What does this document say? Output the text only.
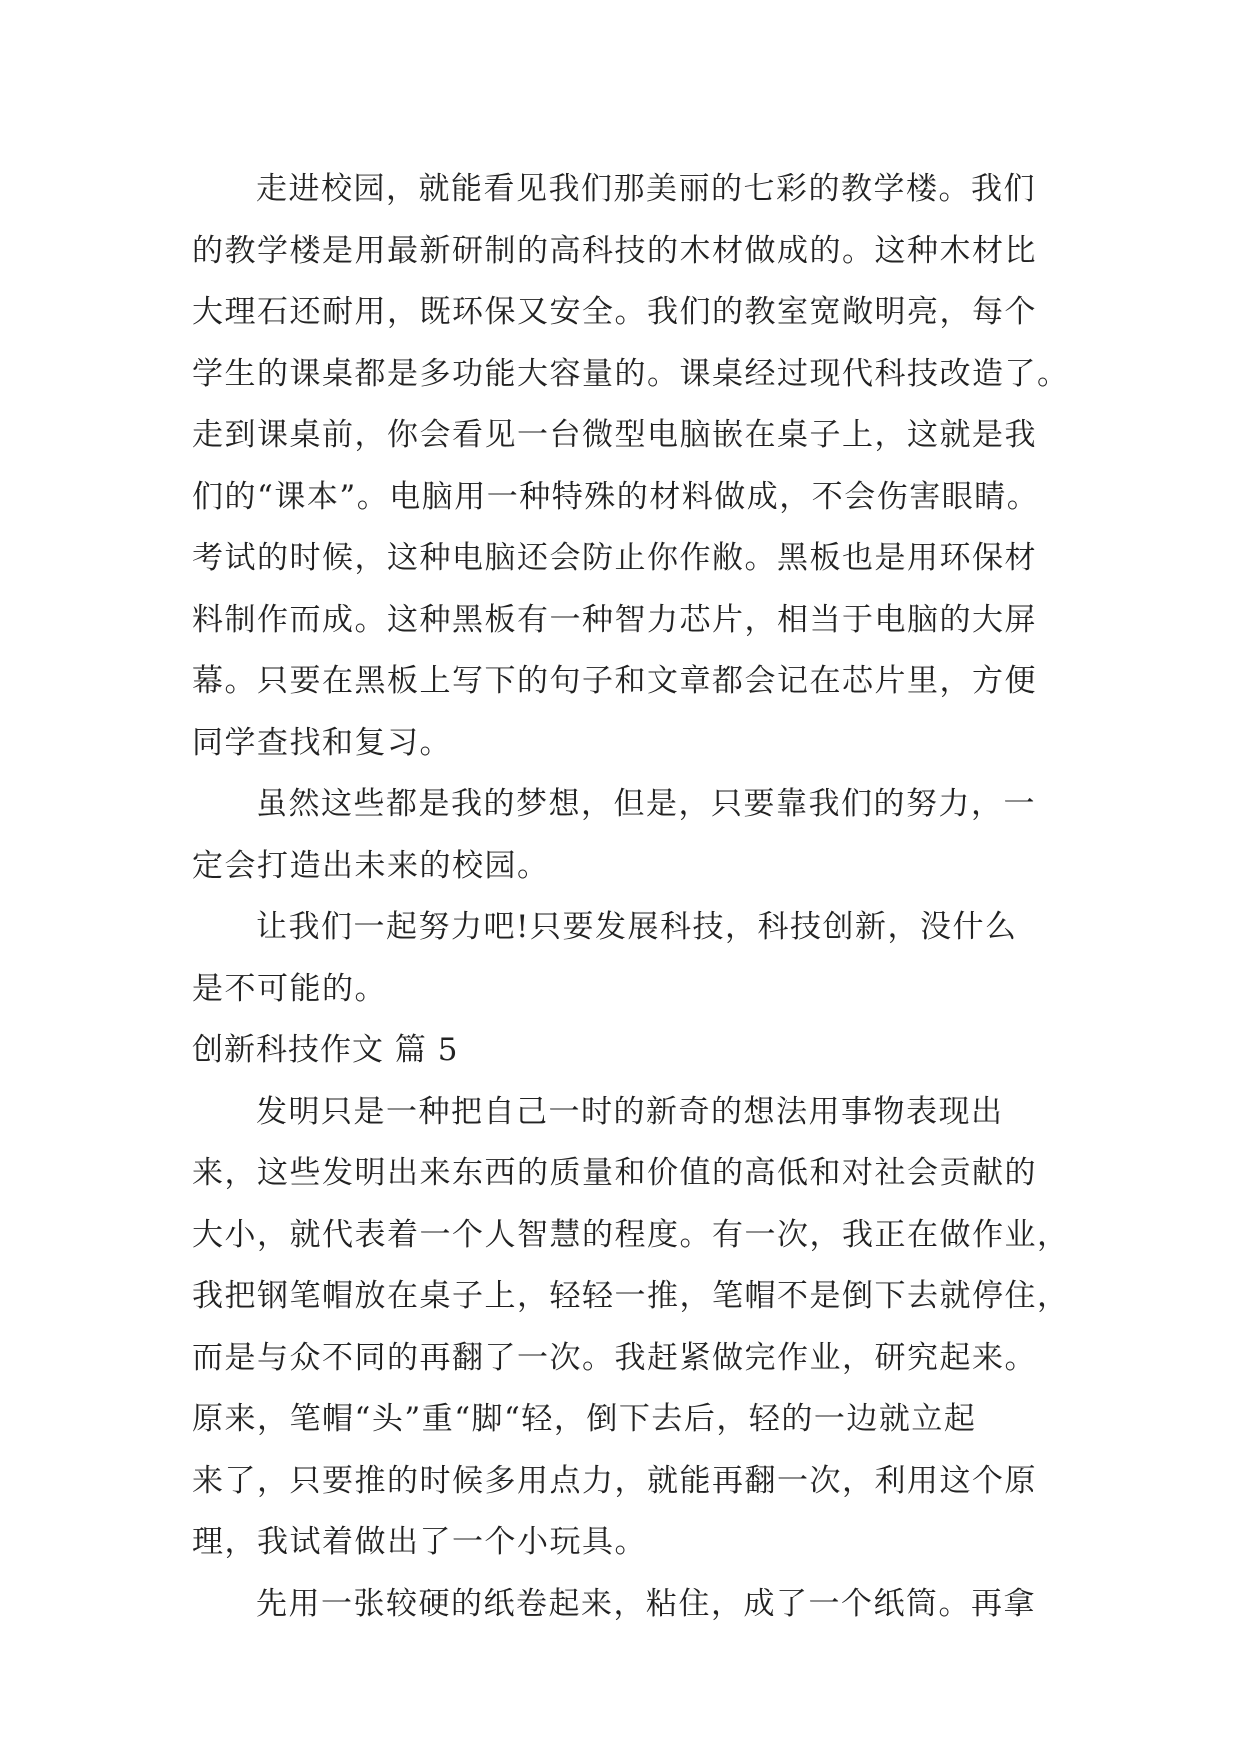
走进校园，就能看见我们那美丽的七彩的教学楼。我们
的教学楼是用最新研制的高科技的木材做成的。这种木材比
大理石还耐用，既环保又安全。我们的教室宽敞明亮，每个
学生的课桌都是多功能大容量的。课桌经过现代科技改造了。
走到课桌前，你会看见一台微型电脑嵌在桌子上，这就是我
们的“课本”。电脑用一种特殊的材料做成，不会伤害眼睛。
考试的时候，这种电脑还会防止你作敝。黑板也是用环保材
料制作而成。这种黑板有一种智力芯片，相当于电脑的大屏
幕。只要在黑板上写下的句子和文章都会记在芯片里，方便
同学查找和复习。
虽然这些都是我的梦想，但是，只要靠我们的努力，一
定会打造出未来的校园。
让我们一起努力吧!只要发展科技，科技创新，没什么
是不可能的。
创新科技作文 篇 5
发明只是一种把自己一时的新奇的想法用事物表现出
来，这些发明出来东西的质量和价值的高低和对社会贡献的
大小，就代表着一个人智慧的程度。有一次，我正在做作业，
我把钢笔帽放在桌子上，轻轻一推，笔帽不是倒下去就停住，
而是与众不同的再翻了一次。我赶紧做完作业，研究起来。
原来，笔帽“头”重“脚“轻，倒下去后，轻的一边就立起
来了，只要推的时候多用点力，就能再翻一次，利用这个原
理，我试着做出了一个小玩具。
先用一张较硬的纸卷起来，粘住，成了一个纸筒。再拿
